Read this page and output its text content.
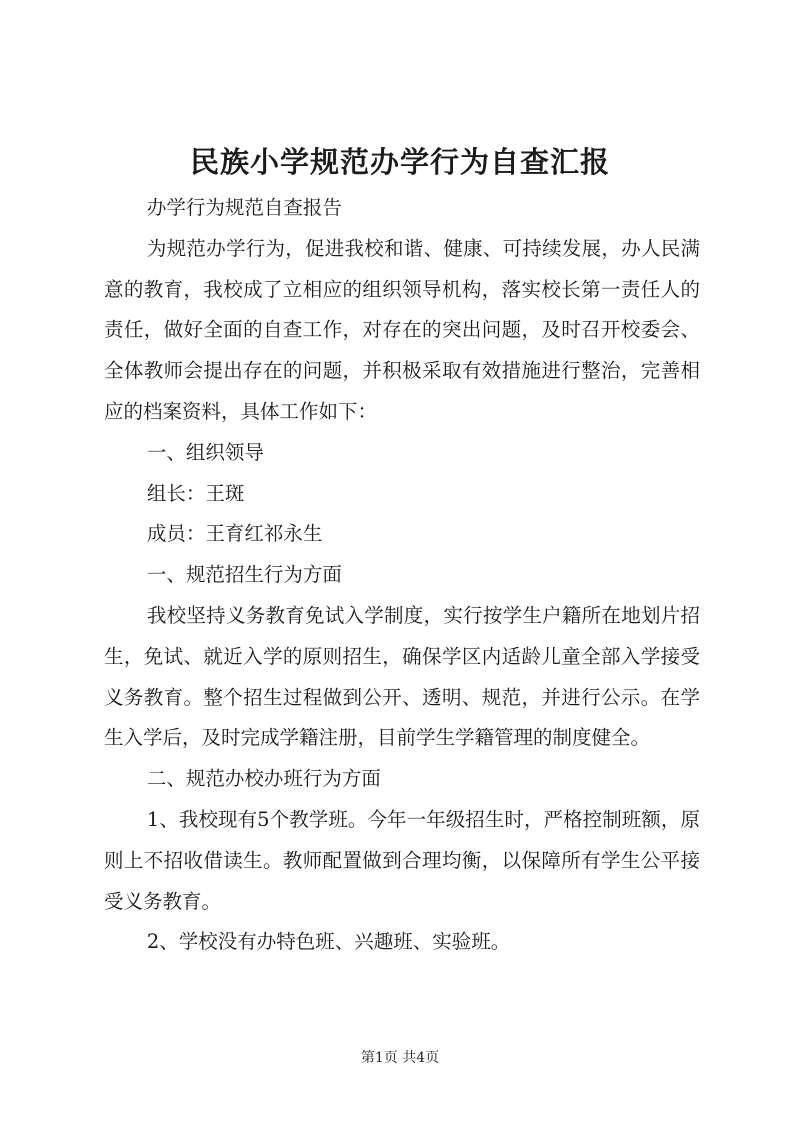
民族小学规范办学行为自查汇报

办学行为规范自查报告

为规范办学行为，促进我校和谐、健康、可持续发展，办人民满意的教育，我校成了立相应的组织领导机构，落实校长第一责任人的责任，做好全面的自查工作，对存在的突出问题，及时召开校委会、全体教师会提出存在的问题，并积极采取有效措施进行整治，完善相应的档案资料，具体工作如下：

一、组织领导

组长：王斑

成员：王育红祁永生

一、规范招生行为方面

我校坚持义务教育免试入学制度，实行按学生户籍所在地划片招生，免试、就近入学的原则招生，确保学区内适龄儿童全部入学接受义务教育。整个招生过程做到公开、透明、规范，并进行公示。在学生入学后，及时完成学籍注册，目前学生学籍管理的制度健全。

二、规范办校办班行为方面

1、我校现有5个教学班。今年一年级招生时，严格控制班额，原则上不招收借读生。教师配置做到合理均衡，以保障所有学生公平接受义务教育。

2、学校没有办特色班、兴趣班、实验班。

第1页 共4页
